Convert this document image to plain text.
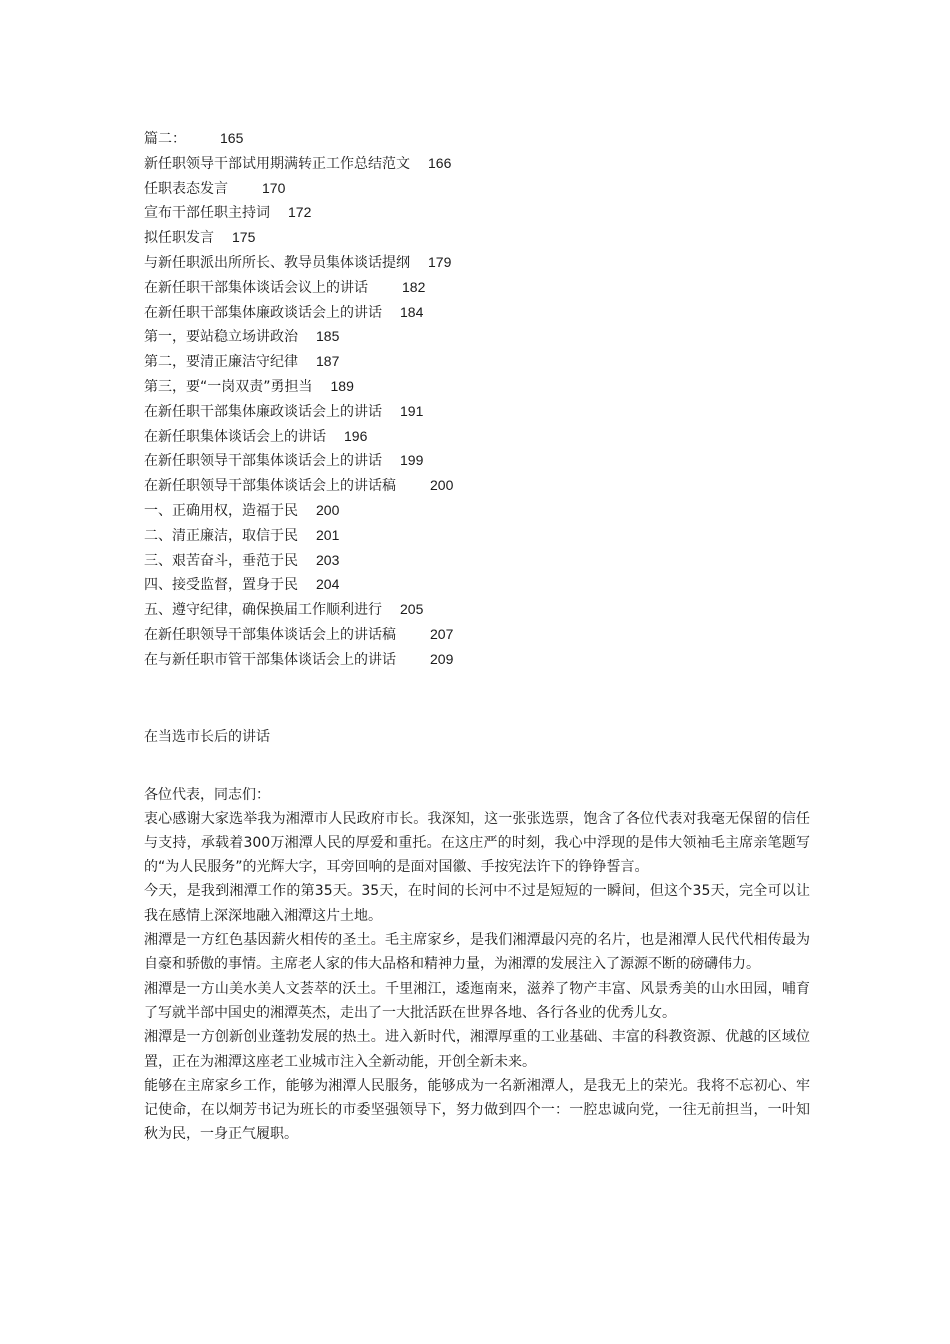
篇二： 165
新任职领导干部试用期满转正工作总结范文 166
任职表态发言 170
宣布干部任职主持词 172
拟任职发言 175
与新任职派出所所长、教导员集体谈话提纲 179
在新任职干部集体谈话会议上的讲话 182
在新任职干部集体廉政谈话会上的讲话 184
第一，要站稳立场讲政治 185
第二，要清正廉洁守纪律 187
第三，要“一岗双责”勇担当 189
在新任职干部集体廉政谈话会上的讲话 191
在新任职集体谈话会上的讲话 196
在新任职领导干部集体谈话会上的讲话 199
在新任职领导干部集体谈话会上的讲话稿 200
一、正确用权，造福于民 200
二、清正廉洁，取信于民 201
三、艰苦奋斗，垂范于民 203
四、接受监督，置身于民 204
五、遵守纪律，确保换届工作顺利进行 205
在新任职领导干部集体谈话会上的讲话稿 207
在与新任职市管干部集体谈话会上的讲话 209
在当选市长后的讲话
各位代表，同志们：

衷心感谢大家选举我为湘潭市人民政府市长。我深知，这一张张选票，饱含了各位代表对我毫无保留的信任与支持，承载着300万湘潭人民的厚爱和重托。在这庄严的时刻，我心中浮现的是伟大领袖毛主席亲笔题写的“为人民服务”的光辉大字，耳旁回响的是面对国徽、手按宪法许下的铮铮誓言。

今天，是我到湘潭工作的第35天。35天，在时间的长河中不过是短短的一瞬间，但这个35天，完全可以让我在感情上深深地融入湘潭这片土地。

湘潭是一方红色基因薪火相传的圣土。毛主席家乡，是我们湘潭最闪亮的名片，也是湘潭人民代代相传最为自豪和骄傲的事情。主席老人家的伟大品格和精神力量，为湘潭的发展注入了源源不断的磅礴伟力。

湘潭是一方山美水美人文荟萃的沃土。千里湘江，逶迤南来，滋养了物产丰富、风景秀美的山水田园，哺育了写就半部中国史的湘潭英杰，走出了一大批活跃在世界各地、各行各业的优秀儿女。

湘潭是一方创新创业蓬勃发展的热土。进入新时代，湘潭厚重的工业基础、丰富的科教资源、优越的区域位置，正在为湘潭这座老工业城市注入全新动能，开创全新未来。

能够在主席家乡工作，能够为湘潭人民服务，能够成为一名新湘潭人，是我无上的荣光。我将不忘初心、牢记使命，在以炯芳书记为班长的市委坚强领导下，努力做到四个一：一腔忠诚向党，一往无前担当，一叶知秋为民，一身正气履职。
